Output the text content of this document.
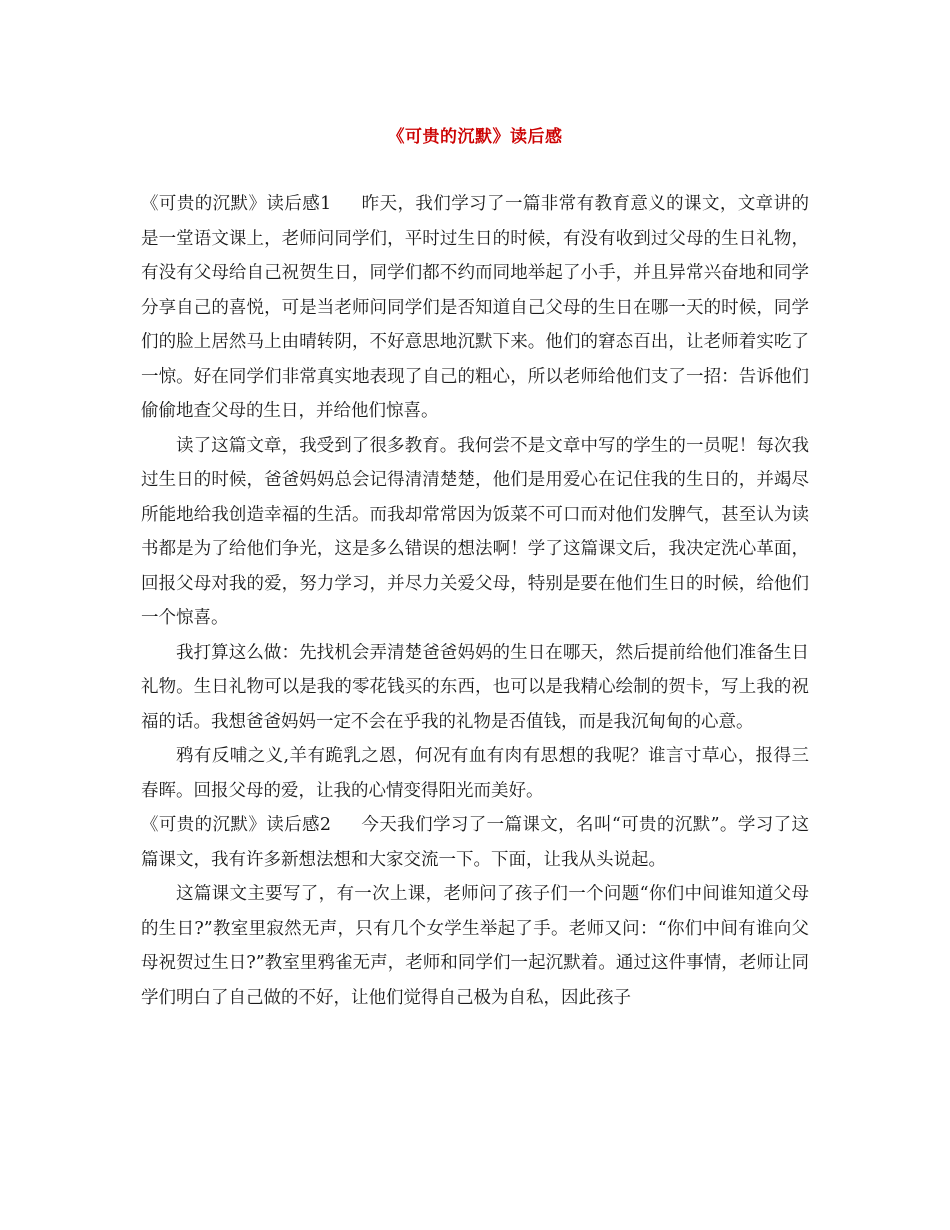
《可贵的沉默》读后感

《可贵的沉默》读后感1 昨天，我们学习了一篇非常有教育意义的课文，文章讲的是一堂语文课上，老师问同学们，平时过生日的时候，有没有收到过父母的生日礼物，有没有父母给自己祝贺生日，同学们都不约而同地举起了小手，并且异常兴奋地和同学分享自己的喜悦，可是当老师问同学们是否知道自己父母的生日在哪一天的时候，同学们的脸上居然马上由晴转阴，不好意思地沉默下来。他们的窘态百出，让老师着实吃了一惊。好在同学们非常真实地表现了自己的粗心，所以老师给他们支了一招：告诉他们偷偷地查父母的生日，并给他们惊喜。

读了这篇文章，我受到了很多教育。我何尝不是文章中写的学生的一员呢！每次我过生日的时候，爸爸妈妈总会记得清清楚楚，他们是用爱心在记住我的生日的，并竭尽所能地给我创造幸福的生活。而我却常常因为饭菜不可口而对他们发脾气，甚至认为读书都是为了给他们争光，这是多么错误的想法啊！学了这篇课文后，我决定洗心革面，回报父母对我的爱，努力学习，并尽力关爱父母，特别是要在他们生日的时候，给他们一个惊喜。

我打算这么做：先找机会弄清楚爸爸妈妈的生日在哪天，然后提前给他们准备生日礼物。生日礼物可以是我的零花钱买的东西，也可以是我精心绘制的贺卡，写上我的祝福的话。我想爸爸妈妈一定不会在乎我的礼物是否值钱，而是我沉甸甸的心意。

鸦有反哺之义,羊有跪乳之恩，何况有血有肉有思想的我呢？谁言寸草心，报得三春晖。回报父母的爱，让我的心情变得阳光而美好。

《可贵的沉默》读后感2 今天我们学习了一篇课文，名叫“可贵的沉默”。学习了这篇课文，我有许多新想法想和大家交流一下。下面，让我从头说起。

这篇课文主要写了，有一次上课，老师问了孩子们一个问题“你们中间谁知道父母的生日?”教室里寂然无声，只有几个女学生举起了手。老师又问：“你们中间有谁向父母祝贺过生日?”教室里鸦雀无声，老师和同学们一起沉默着。通过这件事情，老师让同学们明白了自己做的不好，让他们觉得自己极为自私，因此孩子
